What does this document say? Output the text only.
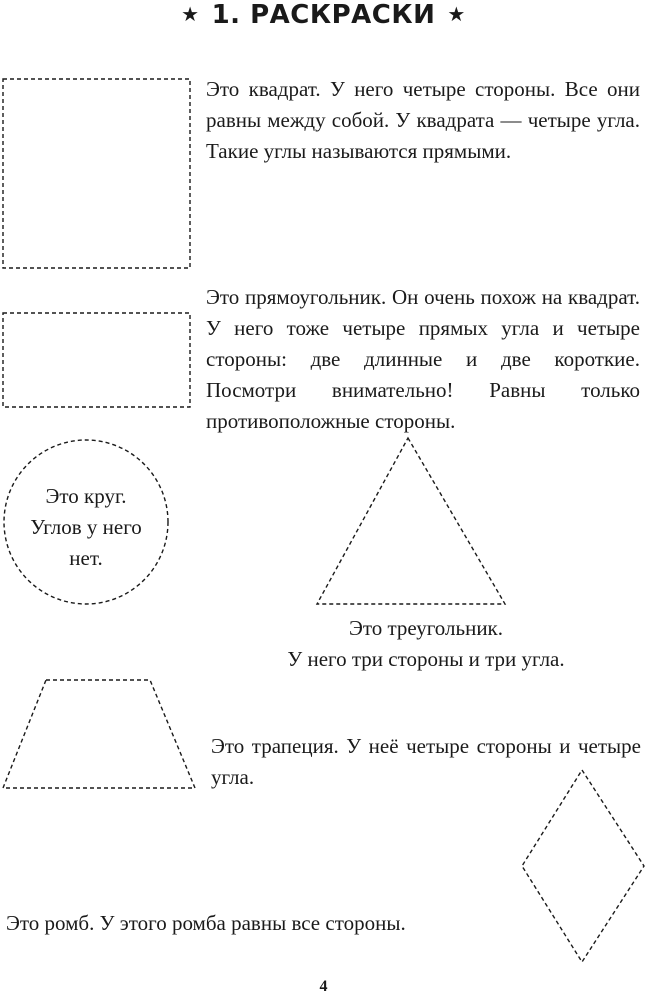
★ 1. РАСКРАСКИ ★
Это квадрат. У него четыре стороны. Все они равны между собой. У квадрата — четыре угла. Такие углы называются прямыми.
Это прямоугольник. Он очень похож на квадрат. У него тоже четыре прямых угла и четыре стороны: две длинные и две короткие. Посмотри внимательно! Равны только противоположные стороны.
Это круг.
Углов у него
нет.
Это треугольник.
У него три стороны и три угла.
Это трапеция. У неё четыре стороны и четыре угла.
Это ромб. У этого ромба равны все стороны.
4
